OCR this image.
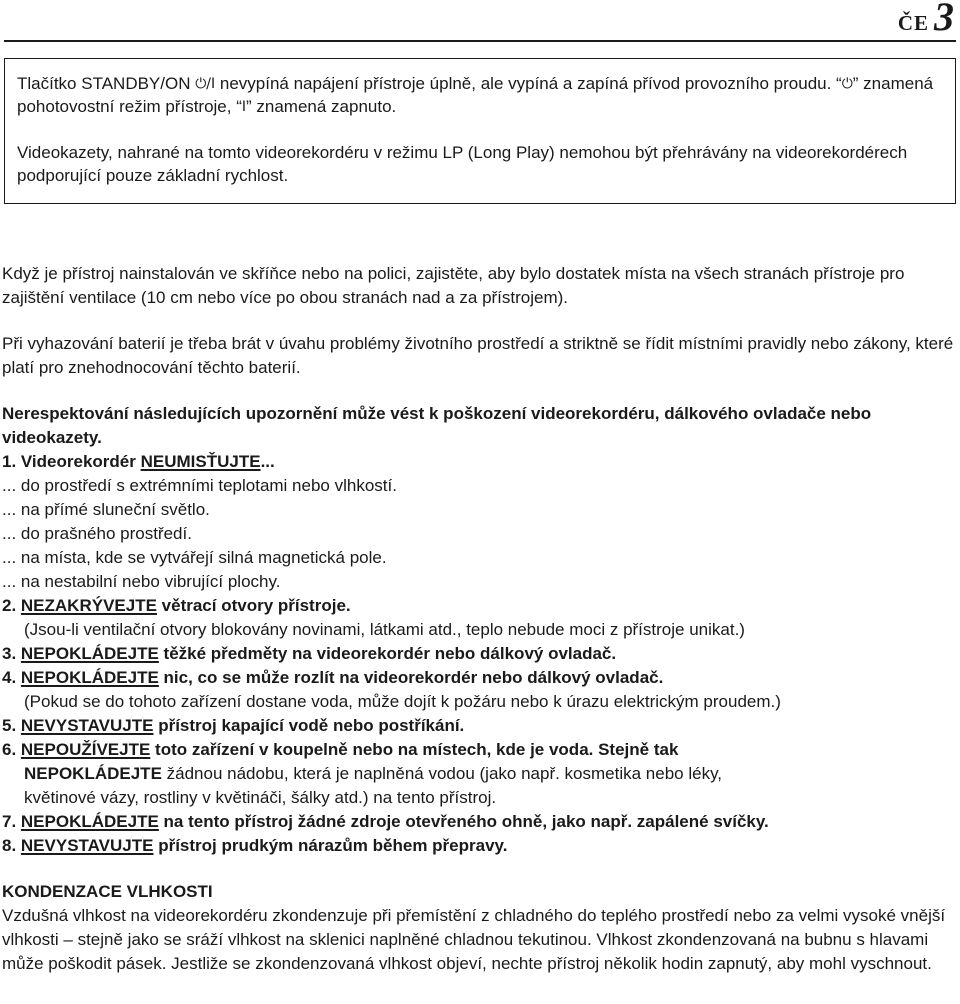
ČE 3

Tlačítko STANDBY/ON ⏻/I nevypíná napájení přístroje úplně, ale vypíná a zapíná přívod provozního proudu. “⏻” znamená pohotovostní režim přístroje, “I” znamená zapnuto.

Videokazety, nahrané na tomto videorekordéru v režimu LP (Long Play) nemohou být přehrávány na videorekordérech podporující pouze základní rychlost.

Když je přístroj nainstalován ve skříňce nebo na polici, zajistěte, aby bylo dostatek místa na všech stranách přístroje pro zajištění ventilace (10 cm nebo více po obou stranách nad a za přístrojem).

Při vyhazování baterií je třeba brát v úvahu problémy životního prostředí a striktně se řídit místními pravidly nebo zákony, které platí pro znehodnocování těchto baterií.

Nerespektování následujících upozornění může vést k poškození videorekordéru, dálkového ovladače nebo videokazety.

1. Videorekordér NEUMISŤUJTE...

... do prostředí s extrémními teplotami nebo vlhkostí.

... na přímé sluneční světlo.

... do prašného prostředí.

... na místa, kde se vytvářejí silná magnetická pole.

... na nestabilní nebo vibrující plochy.

2. NEZAKRÝVEJTE větrací otvory přístroje.

(Jsou-li ventilační otvory blokovány novinami, látkami atd., teplo nebude moci z přístroje unikat.)

3. NEPOKLÁDEJTE těžké předměty na videorekordér nebo dálkový ovladač.

4. NEPOKLÁDEJTE nic, co se může rozlít na videorekordér nebo dálkový ovladač.

(Pokud se do tohoto zařízení dostane voda, může dojít k požáru nebo k úrazu elektrickým proudem.)

5. NEVYSTAVUJTE přístroj kapající vodě nebo postříkání.

6. NEPOUŽÍVEJTE toto zařízení v koupelně nebo na místech, kde je voda. Stejně tak

NEPOKLÁDEJTE žádnou nádobu, která je naplněná vodou (jako např. kosmetika nebo léky,

květinové vázy, rostliny v květináči, šálky atd.) na tento přístroj.

7. NEPOKLÁDEJTE na tento přístroj žádné zdroje otevřeného ohně, jako např. zapálené svíčky.

8. NEVYSTAVUJTE přístroj prudkým nárazům během přepravy.

KONDENZACE VLHKOSTI

Vzdušná vlhkost na videorekordéru zkondenzuje při přemístění z chladného do teplého prostředí nebo za velmi vysoké vnější vlhkosti – stejně jako se sráží vlhkost na sklenici naplněné chladnou tekutinou. Vlhkost zkondenzovaná na bubnu s hlavami může poškodit pásek. Jestliže se zkondenzovaná vlhkost objeví, nechte přístroj několik hodin zapnutý, aby mohl vyschnout.
